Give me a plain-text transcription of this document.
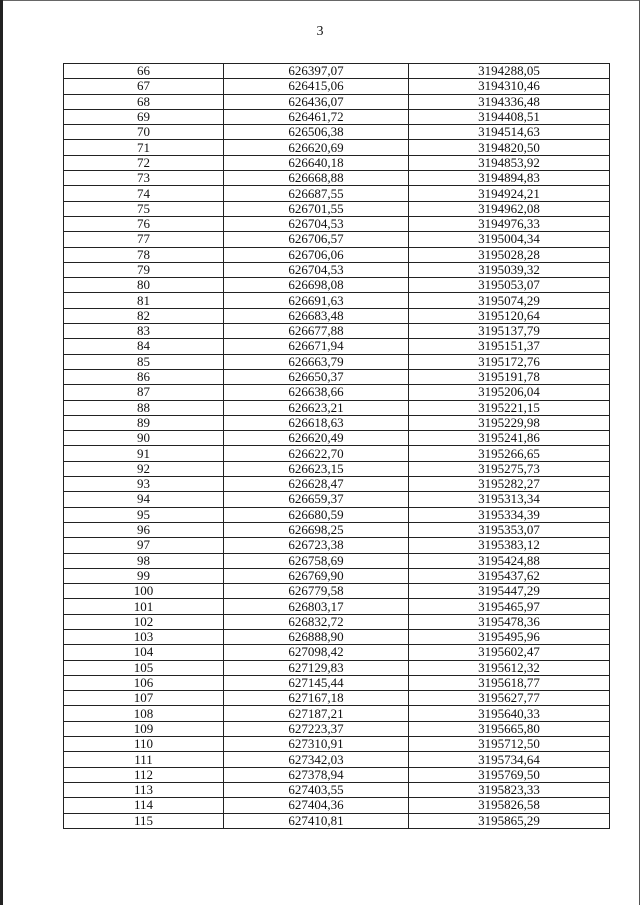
3
66	626397,07	3194288,05
67	626415,06	3194310,46
68	626436,07	3194336,48
69	626461,72	3194408,51
70	626506,38	3194514,63
71	626620,69	3194820,50
72	626640,18	3194853,92
73	626668,88	3194894,83
74	626687,55	3194924,21
75	626701,55	3194962,08
76	626704,53	3194976,33
77	626706,57	3195004,34
78	626706,06	3195028,28
79	626704,53	3195039,32
80	626698,08	3195053,07
81	626691,63	3195074,29
82	626683,48	3195120,64
83	626677,88	3195137,79
84	626671,94	3195151,37
85	626663,79	3195172,76
86	626650,37	3195191,78
87	626638,66	3195206,04
88	626623,21	3195221,15
89	626618,63	3195229,98
90	626620,49	3195241,86
91	626622,70	3195266,65
92	626623,15	3195275,73
93	626628,47	3195282,27
94	626659,37	3195313,34
95	626680,59	3195334,39
96	626698,25	3195353,07
97	626723,38	3195383,12
98	626758,69	3195424,88
99	626769,90	3195437,62
100	626779,58	3195447,29
101	626803,17	3195465,97
102	626832,72	3195478,36
103	626888,90	3195495,96
104	627098,42	3195602,47
105	627129,83	3195612,32
106	627145,44	3195618,77
107	627167,18	3195627,77
108	627187,21	3195640,33
109	627223,37	3195665,80
110	627310,91	3195712,50
111	627342,03	3195734,64
112	627378,94	3195769,50
113	627403,55	3195823,33
114	627404,36	3195826,58
115	627410,81	3195865,29
